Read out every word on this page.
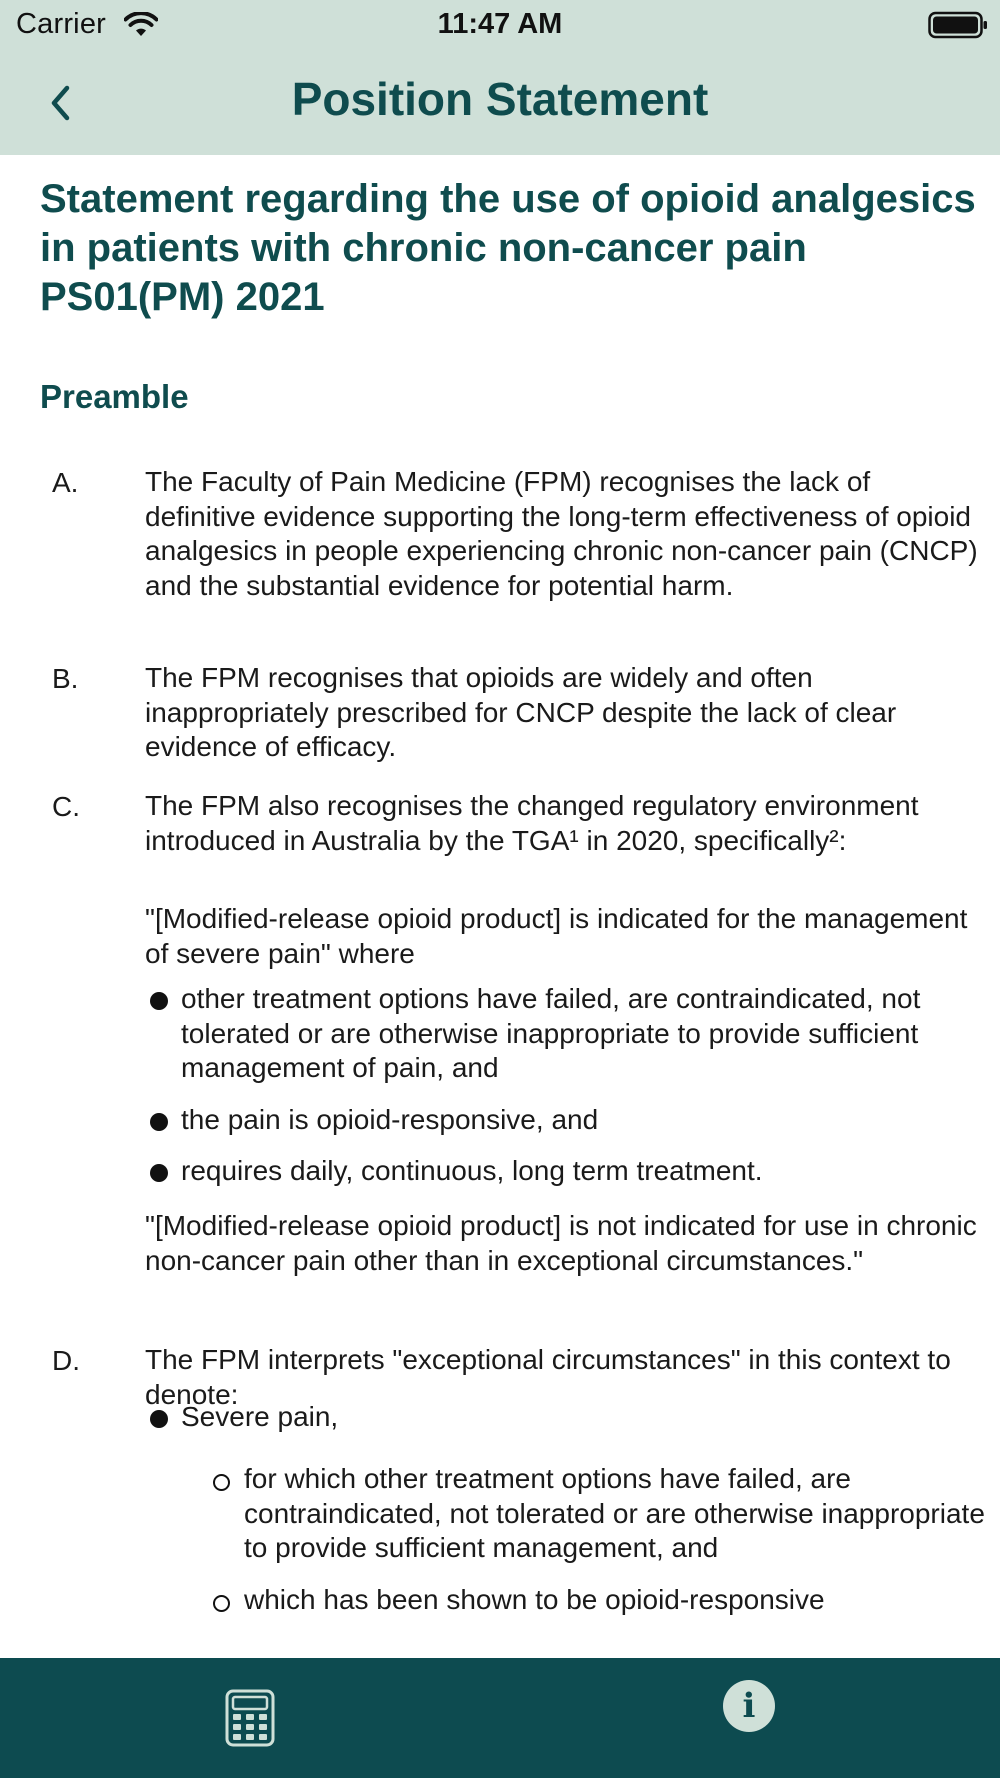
Carrier	11:47 AM
Position Statement
Statement regarding the use of opioid analgesics in patients with chronic non-cancer pain PS01(PM) 2021
Preamble
A. The Faculty of Pain Medicine (FPM) recognises the lack of definitive evidence supporting the long-term effectiveness of opioid analgesics in people experiencing chronic non-cancer pain (CNCP) and the substantial evidence for potential harm.
B. The FPM recognises that opioids are widely and often inappropriately prescribed for CNCP despite the lack of clear evidence of efficacy.
C. The FPM also recognises the changed regulatory environment introduced in Australia by the TGA¹ in 2020, specifically²:
"[Modified-release opioid product] is indicated for the management of severe pain" where
other treatment options have failed, are contraindicated, not tolerated or are otherwise inappropriate to provide sufficient management of pain, and
the pain is opioid-responsive, and
requires daily, continuous, long term treatment.
"[Modified-release opioid product] is not indicated for use in chronic non-cancer pain other than in exceptional circumstances."
D. The FPM interprets "exceptional circumstances" in this context to denote:
Severe pain,
for which other treatment options have failed, are contraindicated, not tolerated or are otherwise inappropriate to provide sufficient management, and
which has been shown to be opioid-responsive
i
